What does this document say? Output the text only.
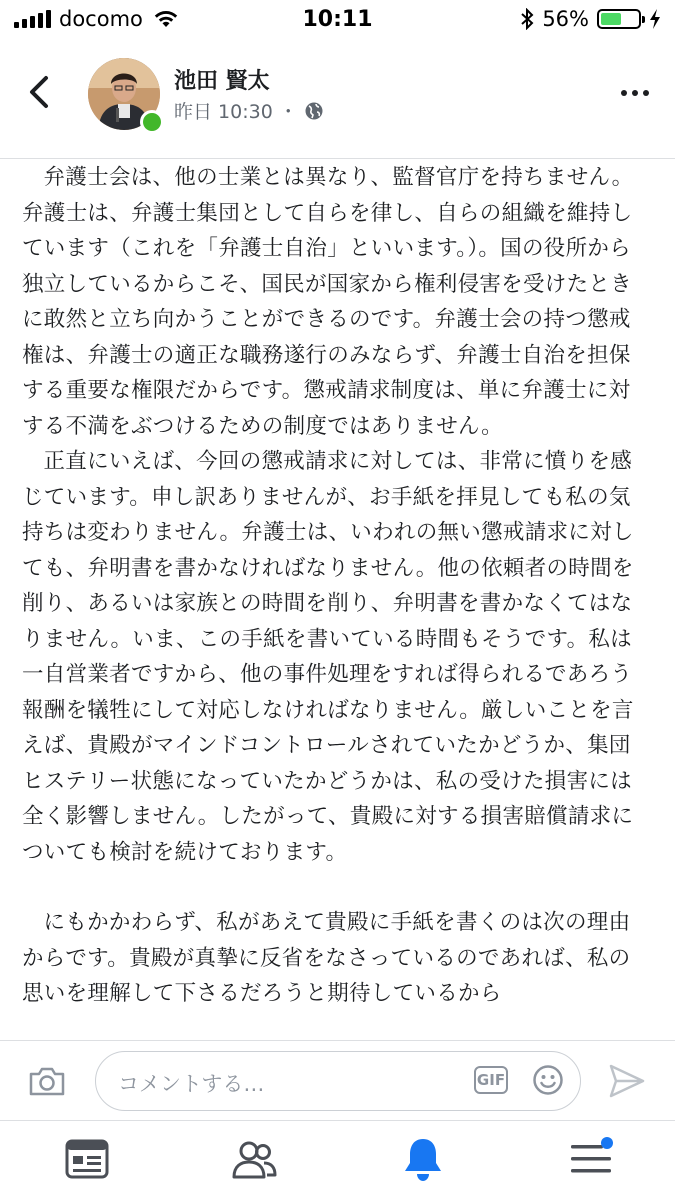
docomo	10:11	56%
池田 賢太
昨日 10:30 ・

弁護士会は、他の士業とは異なり、監督官庁を持ちません。弁護士は、弁護士集団として自らを律し、自らの組織を維持しています（これを「弁護士自治」といいます。）。国の役所から独立しているからこそ、国民が国家から権利侵害を受けたときに敢然と立ち向かうことができるのです。弁護士会の持つ懲戒権は、弁護士の適正な職務遂行のみならず、弁護士自治を担保する重要な権限だからです。懲戒請求制度は、単に弁護士に対する不満をぶつけるための制度ではありません。

正直にいえば、今回の懲戒請求に対しては、非常に憤りを感じています。申し訳ありませんが、お手紙を拝見しても私の気持ちは変わりません。弁護士は、いわれの無い懲戒請求に対しても、弁明書を書かなければなりません。他の依頼者の時間を削り、あるいは家族との時間を削り、弁明書を書かなくてはなりません。いま、この手紙を書いている時間もそうです。私は一自営業者ですから、他の事件処理をすれば得られるであろう報酬を犠牲にして対応しなければなりません。厳しいことを言えば、貴殿がマインドコントロールされていたかどうか、集団ヒステリー状態になっていたかどうかは、私の受けた損害には全く影響しません。したがって、貴殿に対する損害賠償請求についても検討を続けております。

にもかかわらず、私があえて貴殿に手紙を書くのは次の理由からです。貴殿が真摯に反省をなさっているのであれば、私の思いを理解して下さるだろうと期待しているから

コメントする…	GIF
